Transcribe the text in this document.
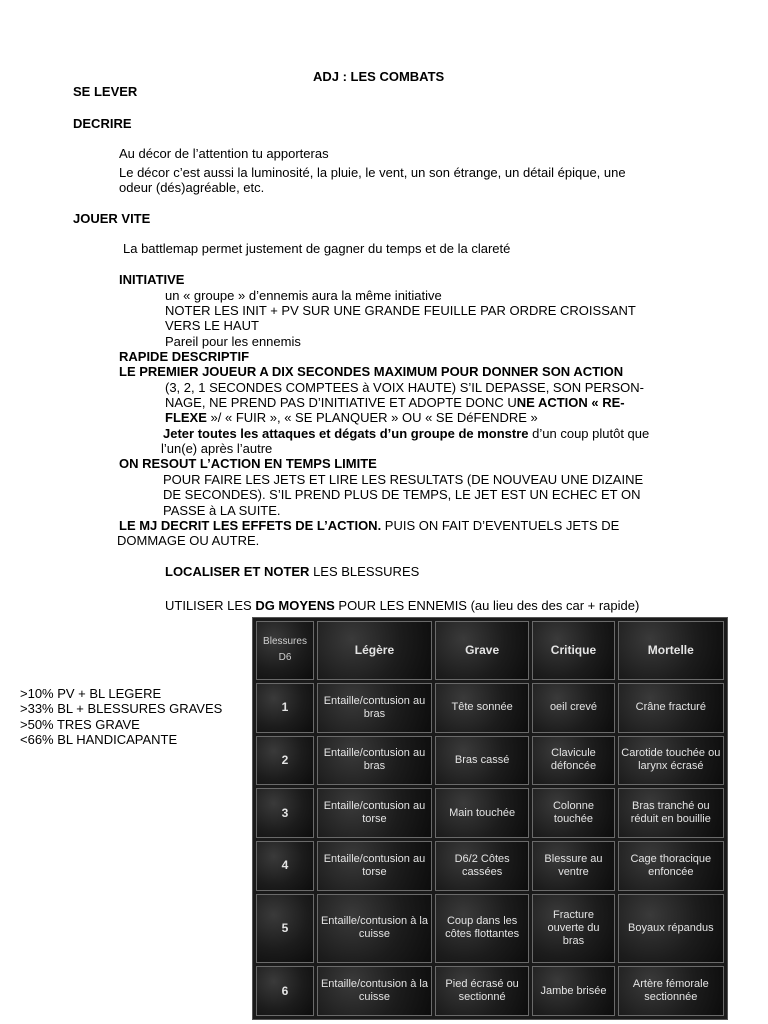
ADJ : LES COMBATS
SE LEVER
DECRIRE
Au décor de l’attention tu apporteras
Le décor c’est aussi la luminosité, la pluie, le vent, un son étrange, un détail épique, une
odeur (dés)agréable, etc.
JOUER VITE
La battlemap permet justement de gagner du temps et de la clareté
INITIATIVE
un « groupe » d’ennemis aura la même initiative
NOTER LES INIT + PV SUR UNE GRANDE FEUILLE PAR ORDRE CROISSANT
VERS LE HAUT
Pareil pour les ennemis
RAPIDE DESCRIPTIF
LE PREMIER JOUEUR A DIX SECONDES MAXIMUM POUR DONNER SON ACTION
(3, 2, 1 SECONDES COMPTEES à VOIX HAUTE) S’IL DEPASSE, SON PERSON-
NAGE, NE PREND PAS D’INITIATIVE ET ADOPTE DONC UNE ACTION « RE-
FLEXE »/ « FUIR », « SE PLANQUER » OU « SE DéFENDRE »
Jeter toutes les attaques et dégats d’un groupe de monstre d’un coup plutôt que
l’un(e) après l’autre
ON RESOUT L’ACTION EN TEMPS LIMITE
POUR FAIRE LES JETS ET LIRE LES RESULTATS (DE NOUVEAU UNE DIZAINE
DE SECONDES). S’IL PREND PLUS DE TEMPS, LE JET EST UN ECHEC ET ON
PASSE à LA SUITE.
LE MJ DECRIT LES EFFETS DE L’ACTION. PUIS ON FAIT D’EVENTUELS JETS DE
DOMMAGE OU AUTRE.
LOCALISER ET NOTER LES BLESSURES
UTILISER LES DG MOYENS POUR LES ENNEMIS (au lieu des des car + rapide)
>10% PV + BL LEGERE
>33% BL + BLESSURES GRAVES
>50% TRES GRAVE
<66% BL HANDICAPANTE
Blessures
D6	Légère	Grave	Critique	Mortelle
1	Entaille/contusion au bras	Tête sonnée	oeil crevé	Crâne fracturé
2	Entaille/contusion au bras	Bras cassé	Clavicule défoncée	Carotide touchée ou larynx écrasé
3	Entaille/contusion au torse	Main touchée	Colonne touchée	Bras tranché ou réduit en bouillie
4	Entaille/contusion au torse	D6/2 Côtes cassées	Blessure au ventre	Cage thoracique enfoncée
5	Entaille/contusion à la cuisse	Coup dans les côtes flottantes	Fracture ouverte du bras	Boyaux répandus
6	Entaille/contusion à la cuisse	Pied écrasé ou sectionné	Jambe brisée	Artère fémorale sectionnée
